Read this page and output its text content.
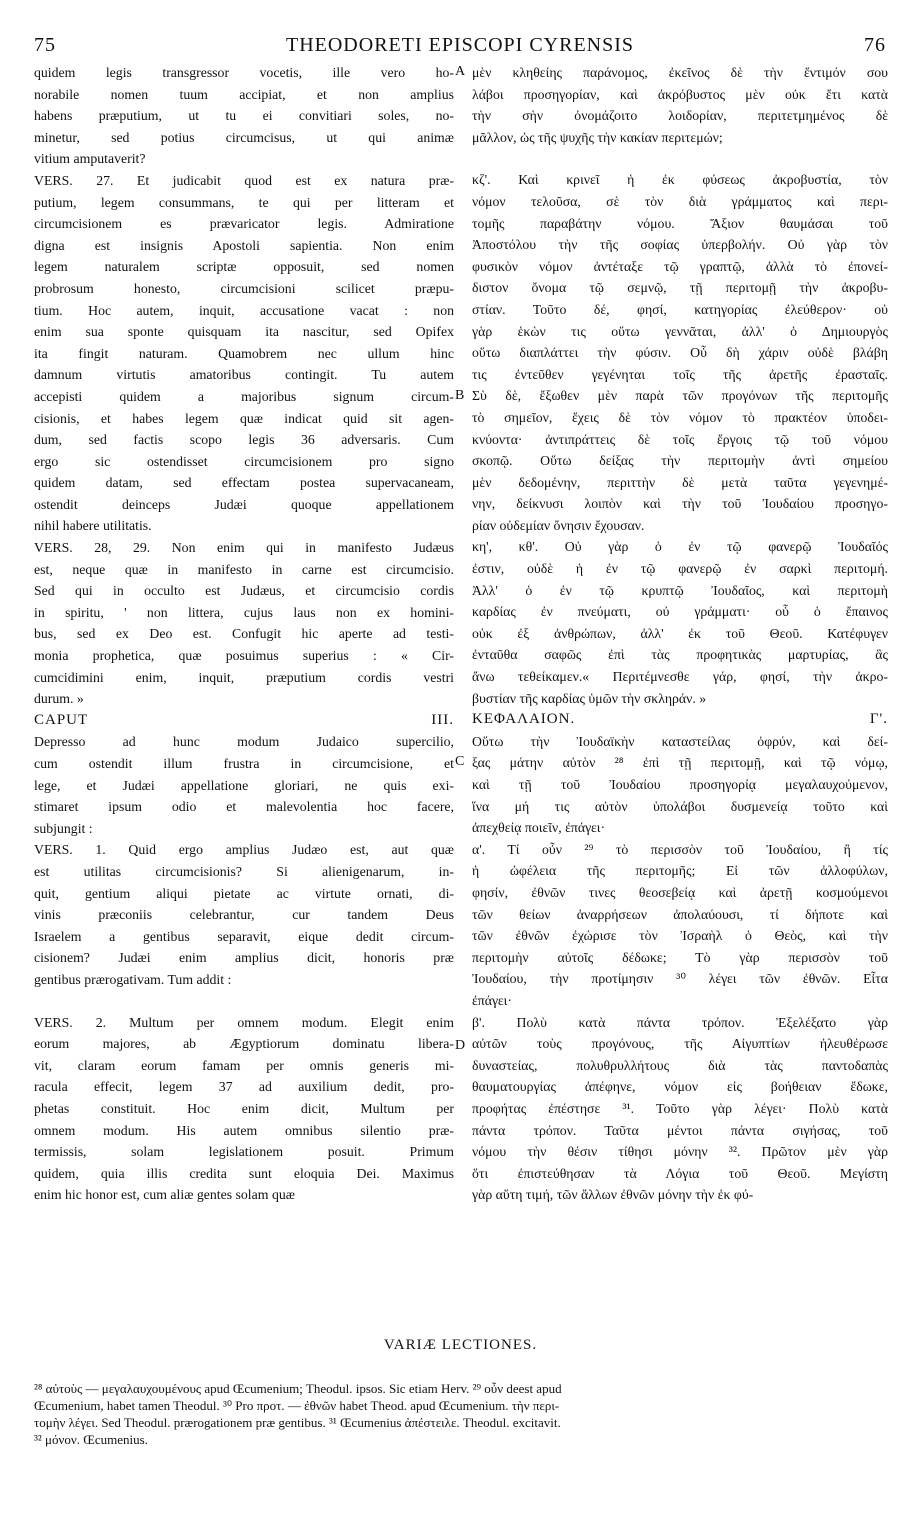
75	THEODORETI EPISCOPI CYRENSIS	76
quidem legis transgressor vocetis, ille vero ho-
norabile nomen tuum accipiat, et non amplius
habens præputium, ut tu ei convitiari soles, no-
minetur, sed potius circumcisus, ut qui animæ
vitium amputaverit?
VERS. 27. Et judicabit quod est ex natura præ-
putium, legem consummans, te qui per litteram et
circumcisionem es prævaricator legis. Admiratione
digna est insignis Apostoli sapientia. Non enim
legem naturalem scriptæ opposuit, sed nomen
probrosum honesto, circumcisioni scilicet præpu-
tium. Hoc autem, inquit, accusatione vacat : non
enim sua sponte quisquam ita nascitur, sed Opifex
ita fingit naturam. Quamobrem nec ullum hinc
damnum virtutis amatoribus contingit. Tu autem
accepisti quidem a majoribus signum circum-
cisionis, et habes legem quæ indicat quid sit agen-
dum, sed factis scopo legis 36 adversaris. Cum
ergo sic ostendisset circumcisionem pro signo
quidem datam, sed effectam postea supervacaneam,
ostendit deinceps Judæi quoque appellationem
nihil habere utilitatis.
VERS. 28, 29. Non enim qui in manifesto Judæus
est, neque quæ in manifesto in carne est circumcisio.
Sed qui in occulto est Judæus, et circumcisio cordis
in spiritu, ' non littera, cujus laus non ex homini-
bus, sed ex Deo est. Confugit hic aperte ad testi-
monia prophetica, quæ posuimus superius : « Cir-
cumcidimini enim, inquit, præputium cordis vestri
durum. »
CAPUT III.
Depresso ad hunc modum Judaico supercilio,
cum ostendit illum frustra in circumcisione, et
lege, et Judæi appellatione gloriari, ne quis exi-
stimaret ipsum odio et malevolentia hoc facere,
subjungit :
VERS. 1. Quid ergo amplius Judæo est, aut quæ
est utilitas circumcisionis? Si alienigenarum, in-
quit, gentium aliqui pietate ac virtute ornati, di-
vinis præconiis celebrantur, cur tandem Deus
Israelem a gentibus separavit, eique dedit circum-
cisionem? Judæi enim amplius dicit, honoris præ
gentibus prærogativam. Tum addit :
VERS. 2. Multum per omnem modum. Elegit enim
eorum majores, ab Ægyptiorum dominatu libera-
vit, claram eorum famam per omnis generis mi-
racula effecit, legem 37 ad auxilium dedit, pro-
phetas constituit. Hoc enim dicit, Multum per
omnem modum. His autem omnibus silentio præ-
termissis, solam legislationem posuit. Primum
quidem, quia illis credita sunt eloquia Dei. Maximus
enim hic honor est, cum aliæ gentes solam quæ
μὲν κληθείης παράνομος, ἐκεῖνος δὲ τὴν ἔντιμόν σου
λάβοι προσηγορίαν, καὶ ἀκρόβυστος μὲν οὐκ ἔτι κατὰ
τὴν σὴν ὀνομάζοιτο λοιδορίαν, περιτετμημένος δὲ
μᾶλλον, ὡς τῆς ψυχῆς τὴν κακίαν περιτεμών;
κζ'. Καὶ κρινεῖ ἡ ἐκ φύσεως ἀκροβυστία, τὸν
νόμον τελοῦσα, σὲ τὸν διὰ γράμματος καὶ περι-
τομῆς παραβάτην νόμου. Ἄξιον θαυμάσαι τοῦ
Ἀποστόλου τὴν τῆς σοφίας ὑπερβολήν. Οὐ γὰρ τὸν
φυσικὸν νόμον ἀντέταξε τῷ γραπτῷ, ἀλλὰ τὸ ἐπονεί-
διστον ὄνομα τῷ σεμνῷ, τῇ περιτομῇ τὴν ἀκροβυ-
στίαν. Τοῦτο δέ, φησί, κατηγορίας ἐλεύθερον· οὐ
γὰρ ἑκὼν τις οὕτω γεννᾶται, ἀλλ' ὁ Δημιουργὸς
οὕτω διαπλάττει τὴν φύσιν. Οὗ δὴ χάριν οὐδὲ βλάβη
τις ἐντεῦθεν γεγένηται τοῖς τῆς ἀρετῆς ἐρασταῖς.
Σὺ δὲ, ἔξωθεν μὲν παρὰ τῶν προγόνων τῆς περιτομῆς
τὸ σημεῖον, ἔχεις δὲ τὸν νόμον τὸ πρακτέον ὑποδει-
κνύοντα· ἀντιπράττεις δὲ τοῖς ἔργοις τῷ τοῦ νόμου
σκοπῷ. Οὕτω δείξας τὴν περιτομὴν ἀντὶ σημείου
μὲν δεδομένην, περιττὴν δὲ μετὰ ταῦτα γεγενημέ-
νην, δείκνυσι λοιπὸν καὶ τὴν τοῦ Ἰουδαίου προσηγο-
ρίαν οὐδεμίαν ὄνησιν ἔχουσαν.
κη', κθ'. Οὐ γὰρ ὁ ἐν τῷ φανερῷ Ἰουδαῖός
ἐστιν, οὐδὲ ἡ ἐν τῷ φανερῷ ἐν σαρκὶ περιτομή.
Ἀλλ' ὁ ἐν τῷ κρυπτῷ Ἰουδαῖος, καὶ περιτομὴ
καρδίας ἐν πνεύματι, οὐ γράμματι· οὗ ὁ ἔπαινος
οὐκ ἐξ ἀνθρώπων, ἀλλ' ἐκ τοῦ Θεοῦ. Κατέφυγεν
ἐνταῦθα σαφῶς ἐπὶ τὰς προφητικὰς μαρτυρίας, ἃς
ἄνω τεθείκαμεν.« Περιτέμνεσθε γάρ, φησί, τὴν ἀκρο-
βυστίαν τῆς καρδίας ὑμῶν τὴν σκληράν. »
ΚΕΦΑΛΑΙΟΝ. Γ'.
Οὕτω τὴν Ἰουδαϊκὴν καταστείλας ὀφρύν, καὶ δεί-
ξας μάτην αὐτὸν ²⁸ ἐπὶ τῇ περιτομῇ, καὶ τῷ νόμῳ,
καὶ τῇ τοῦ Ἰουδαίου προσηγορίᾳ μεγαλαυχούμενον,
ἵνα μή τις αὐτὸν ὑπολάβοι δυσμενείᾳ τοῦτο καὶ
ἀπεχθείᾳ ποιεῖν, ἐπάγει·
α'. Τί οὖν ²⁹ τὸ περισσὸν τοῦ Ἰουδαίου, ἢ τίς
ἡ ὠφέλεια τῆς περιτομῆς; Εἰ τῶν ἀλλοφύλων,
φησίν, ἐθνῶν τινες θεοσεβείᾳ καὶ ἀρετῇ κοσμούμενοι
τῶν θείων ἀναρρήσεων ἀπολαύουσι, τί δήποτε καὶ
τῶν ἐθνῶν ἐχώρισε τὸν Ἰσραὴλ ὁ Θεὸς, καὶ τὴν
περιτομὴν αὐτοῖς δέδωκε; Τὸ γὰρ περισσὸν τοῦ
Ἰουδαίου, τὴν προτίμησιν ³⁰ λέγει τῶν ἐθνῶν. Εἶτα
ἐπάγει·
β'. Πολὺ κατὰ πάντα τρόπον. Ἐξελέξατο γὰρ
αὐτῶν τοὺς προγόνους, τῆς Αἰγυπτίων ἠλευθέρωσε
δυναστείας, πολυθρυλλήτους διὰ τὰς παντοδαπὰς
θαυματουργίας ἀπέφηνε, νόμον εἰς βοήθειαν ἔδωκε,
προφήτας ἐπέστησε ³¹. Τοῦτο γὰρ λέγει· Πολὺ κατὰ
πάντα τρόπον. Ταῦτα μέντοι πάντα σιγήσας, τοῦ
νόμου τὴν θέσιν τίθησι μόνην ³². Πρῶτον μὲν γὰρ
ὅτι ἐπιστεύθησαν τὰ Λόγια τοῦ Θεοῦ. Μεγίστη
γὰρ αὕτη τιμή, τῶν ἄλλων ἐθνῶν μόνην τὴν ἐκ φύ-
A
B
C
D
VARIÆ LECTIONES.
²⁸ αὐτοὺς — μεγαλαυχουμένους apud Œcumenium; Theodul. ipsos. Sic etiam Herv. ²⁹ οὖν deest apud
Œcumenium, habet tamen Theodul. ³⁰ Pro προτ. — ἐθνῶν habet Theod. apud Œcumenium. τὴν περι-
τομὴν λέγει. Sed Theodul. prærogationem præ gentibus. ³¹ Œcumenius ἀπέστειλε. Theodul. excitavit.
³² μόνον. Œcumenius.
